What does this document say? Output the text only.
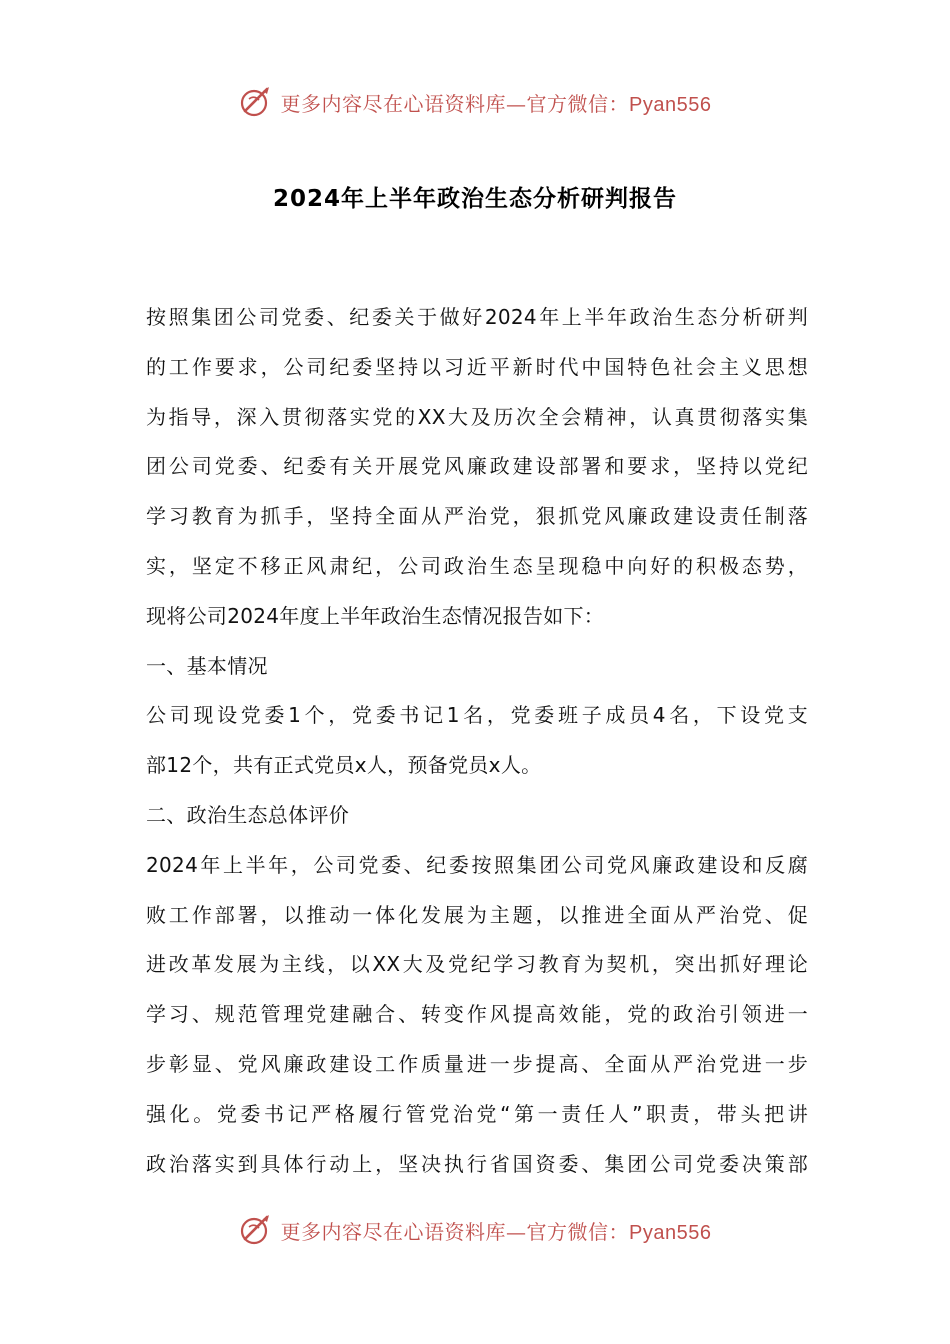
更多内容尽在心语资料库—官方微信：Pyan556
2024年上半年政治生态分析研判报告
按照集团公司党委、纪委关于做好2024年上半年政治生态分析研判
的工作要求，公司纪委坚持以习近平新时代中国特色社会主义思想
为指导，深入贯彻落实党的XX大及历次全会精神，认真贯彻落实集
团公司党委、纪委有关开展党风廉政建设部署和要求，坚持以党纪
学习教育为抓手，坚持全面从严治党，狠抓党风廉政建设责任制落
实，坚定不移正风肃纪，公司政治生态呈现稳中向好的积极态势，
现将公司2024年度上半年政治生态情况报告如下：
一、基本情况
公司现设党委1个，党委书记1名，党委班子成员4名，下设党支
部12个，共有正式党员x人，预备党员x人。
二、政治生态总体评价
2024年上半年，公司党委、纪委按照集团公司党风廉政建设和反腐
败工作部署，以推动一体化发展为主题，以推进全面从严治党、促
进改革发展为主线，以XX大及党纪学习教育为契机，突出抓好理论
学习、规范管理党建融合、转变作风提高效能，党的政治引领进一
步彰显、党风廉政建设工作质量进一步提高、全面从严治党进一步
强化。党委书记严格履行管党治党“第一责任人”职责，带头把讲
政治落实到具体行动上，坚决执行省国资委、集团公司党委决策部
更多内容尽在心语资料库—官方微信：Pyan556
